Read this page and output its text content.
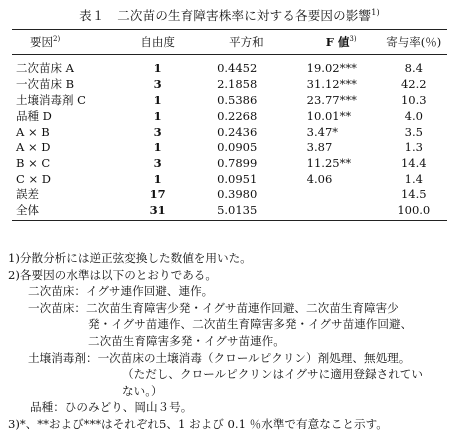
表１　二次苗の生育障害株率に対する各要因の影響$^{1)}$
要因$^{2)}$	自由度	平方和	F 値$^{3)}$	寄与率(％)
二次苗床 A	1	0.4452	19.02***	8.4
一次苗床 B	3	2.1858	31.12***	42.2
土壌消毒剤 C	1	0.5386	23.77***	10.3
品種 D	1	0.2268	10.01**	4.0
A × B	3	0.2436	3.47*	3.5
A × D	1	0.0905	3.87	1.3
B × C	3	0.7899	11.25**	14.4
C × D	1	0.0951	4.06	1.4
誤差	17	0.3980		14.5
全体	31	5.0135		100.0

1)分散分析には逆正弦変換した数値を用いた。

2)各要因の水準は以下のとおりである。

二次苗床：イグサ連作回避、連作。

一次苗床：二次苗生育障害少発・イグサ苗連作回避、二次苗生育障害少

発・イグサ苗連作、二次苗生育障害多発・イグサ苗連作回避、

二次苗生育障害多発・イグサ苗連作。

土壌消毒剤：一次苗床の土壌消毒（クロールピクリン）剤処理、無処理。

（ただし、クロールピクリンはイグサに適用登録されてい

ない。）

品種：ひのみどり、岡山３号。

3)*、**および***はそれぞれ5、1 および 0.1 ％水準で有意なこと示す。
